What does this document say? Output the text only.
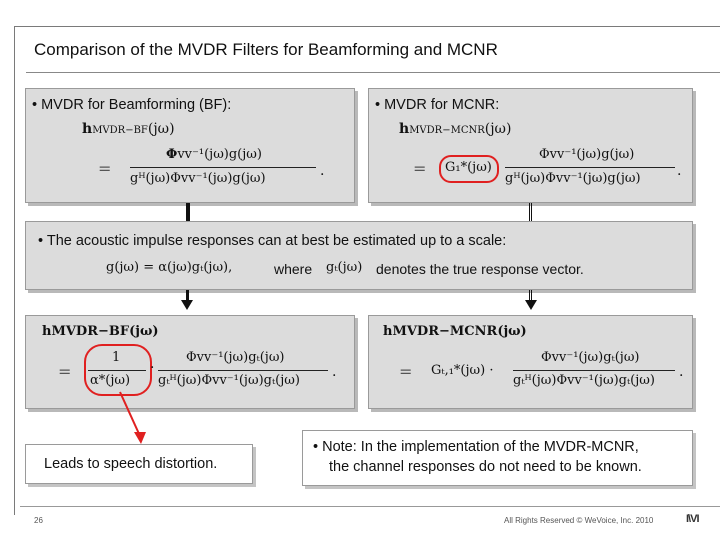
Comparison of the MVDR Filters for Beamforming and MCNR
• MVDR for Beamforming (BF):
hMVDR−BF(jω)
=
Φvv⁻¹(jω)g(jω)
gᴴ(jω)Φvv⁻¹(jω)g(jω)	.
• MVDR for MCNR:
hMVDR−MCNR(jω)
= G₁*(jω)
Φvv⁻¹(jω)g(jω)
gᴴ(jω)Φvv⁻¹(jω)g(jω)	.
• The acoustic impulse responses can at best be estimated up to a scale:
g(jω) = α(jω)gₜ(jω),	where gₜ(jω) denotes the true response vector.
hMVDR−BF(jω)
=
1
α*(jω)
·
Φvv⁻¹(jω)gₜ(jω)
gₜᴴ(jω)Φvv⁻¹(jω)gₜ(jω)
.
hMVDR−MCNR(jω)
= Gₜ,₁*(jω) ·
Φvv⁻¹(jω)gₜ(jω)
gₜᴴ(jω)Φvv⁻¹(jω)gₜ(jω)
.
Leads to speech distortion.
• Note: In the implementation of the MVDR-MCNR,
the channel responses do not need to be known.
26	All Rights Reserved © WeVoice, Inc. 2010	I\VI
